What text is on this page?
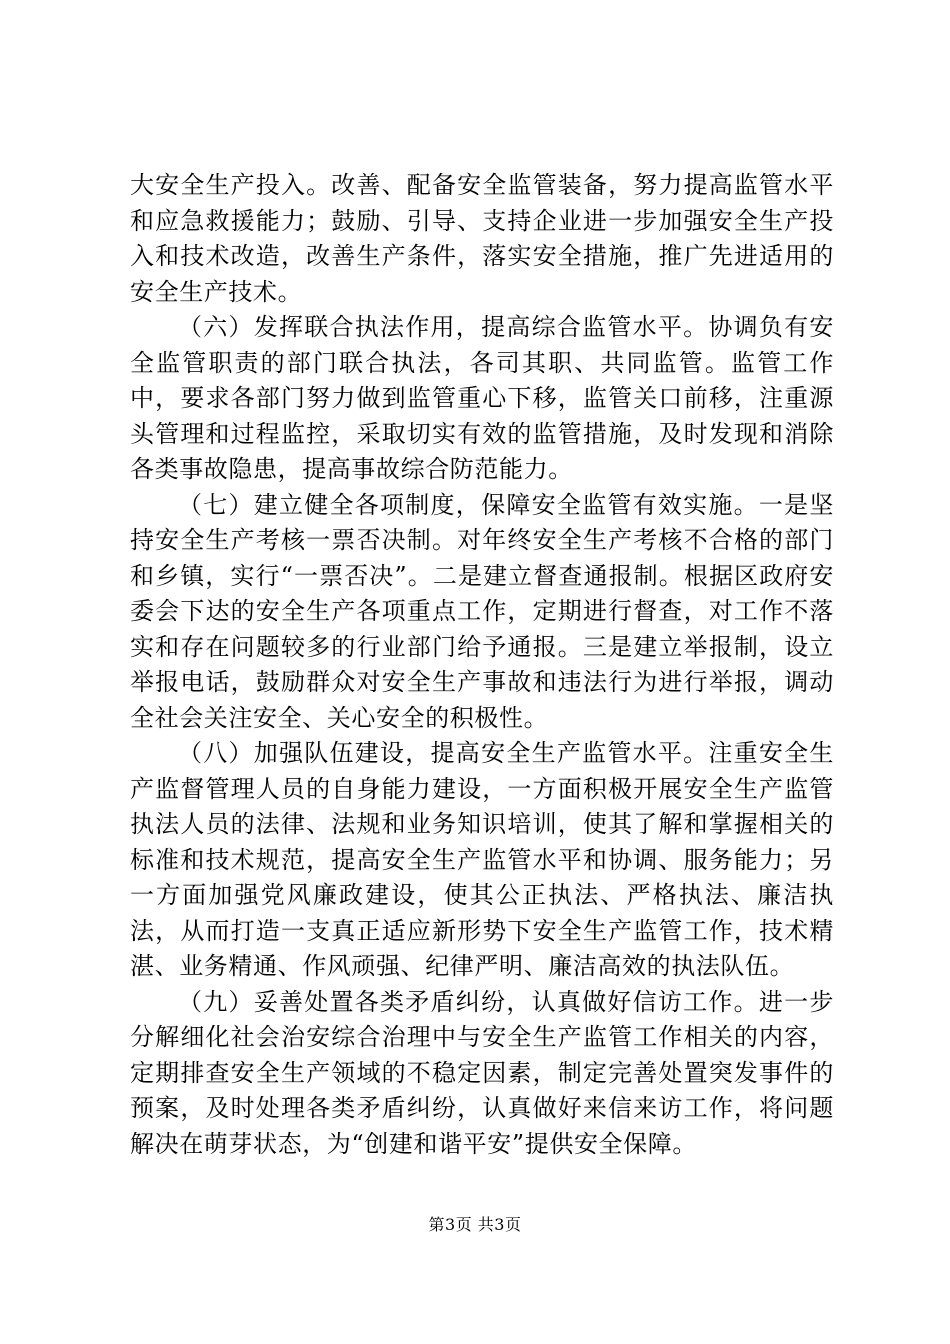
大安全生产投入。改善、配备安全监管装备，努力提高监管水平和应急救援能力；鼓励、引导、支持企业进一步加强安全生产投入和技术改造，改善生产条件，落实安全措施，推广先进适用的安全生产技术。

（六）发挥联合执法作用，提高综合监管水平。协调负有安全监管职责的部门联合执法，各司其职、共同监管。监管工作中，要求各部门努力做到监管重心下移，监管关口前移，注重源头管理和过程监控，采取切实有效的监管措施，及时发现和消除各类事故隐患，提高事故综合防范能力。

（七）建立健全各项制度，保障安全监管有效实施。一是坚持安全生产考核一票否决制。对年终安全生产考核不合格的部门和乡镇，实行“一票否决”。二是建立督查通报制。根据区政府安委会下达的安全生产各项重点工作，定期进行督查，对工作不落实和存在问题较多的行业部门给予通报。三是建立举报制，设立举报电话，鼓励群众对安全生产事故和违法行为进行举报，调动全社会关注安全、关心安全的积极性。

（八）加强队伍建设，提高安全生产监管水平。注重安全生产监督管理人员的自身能力建设，一方面积极开展安全生产监管执法人员的法律、法规和业务知识培训，使其了解和掌握相关的标准和技术规范，提高安全生产监管水平和协调、服务能力；另一方面加强党风廉政建设，使其公正执法、严格执法、廉洁执法，从而打造一支真正适应新形势下安全生产监管工作，技术精湛、业务精通、作风顽强、纪律严明、廉洁高效的执法队伍。

（九）妥善处置各类矛盾纠纷，认真做好信访工作。进一步分解细化社会治安综合治理中与安全生产监管工作相关的内容，定期排查安全生产领域的不稳定因素，制定完善处置突发事件的预案，及时处理各类矛盾纠纷，认真做好来信来访工作，将问题解决在萌芽状态，为“创建和谐平安”提供安全保障。

第3页 共3页
